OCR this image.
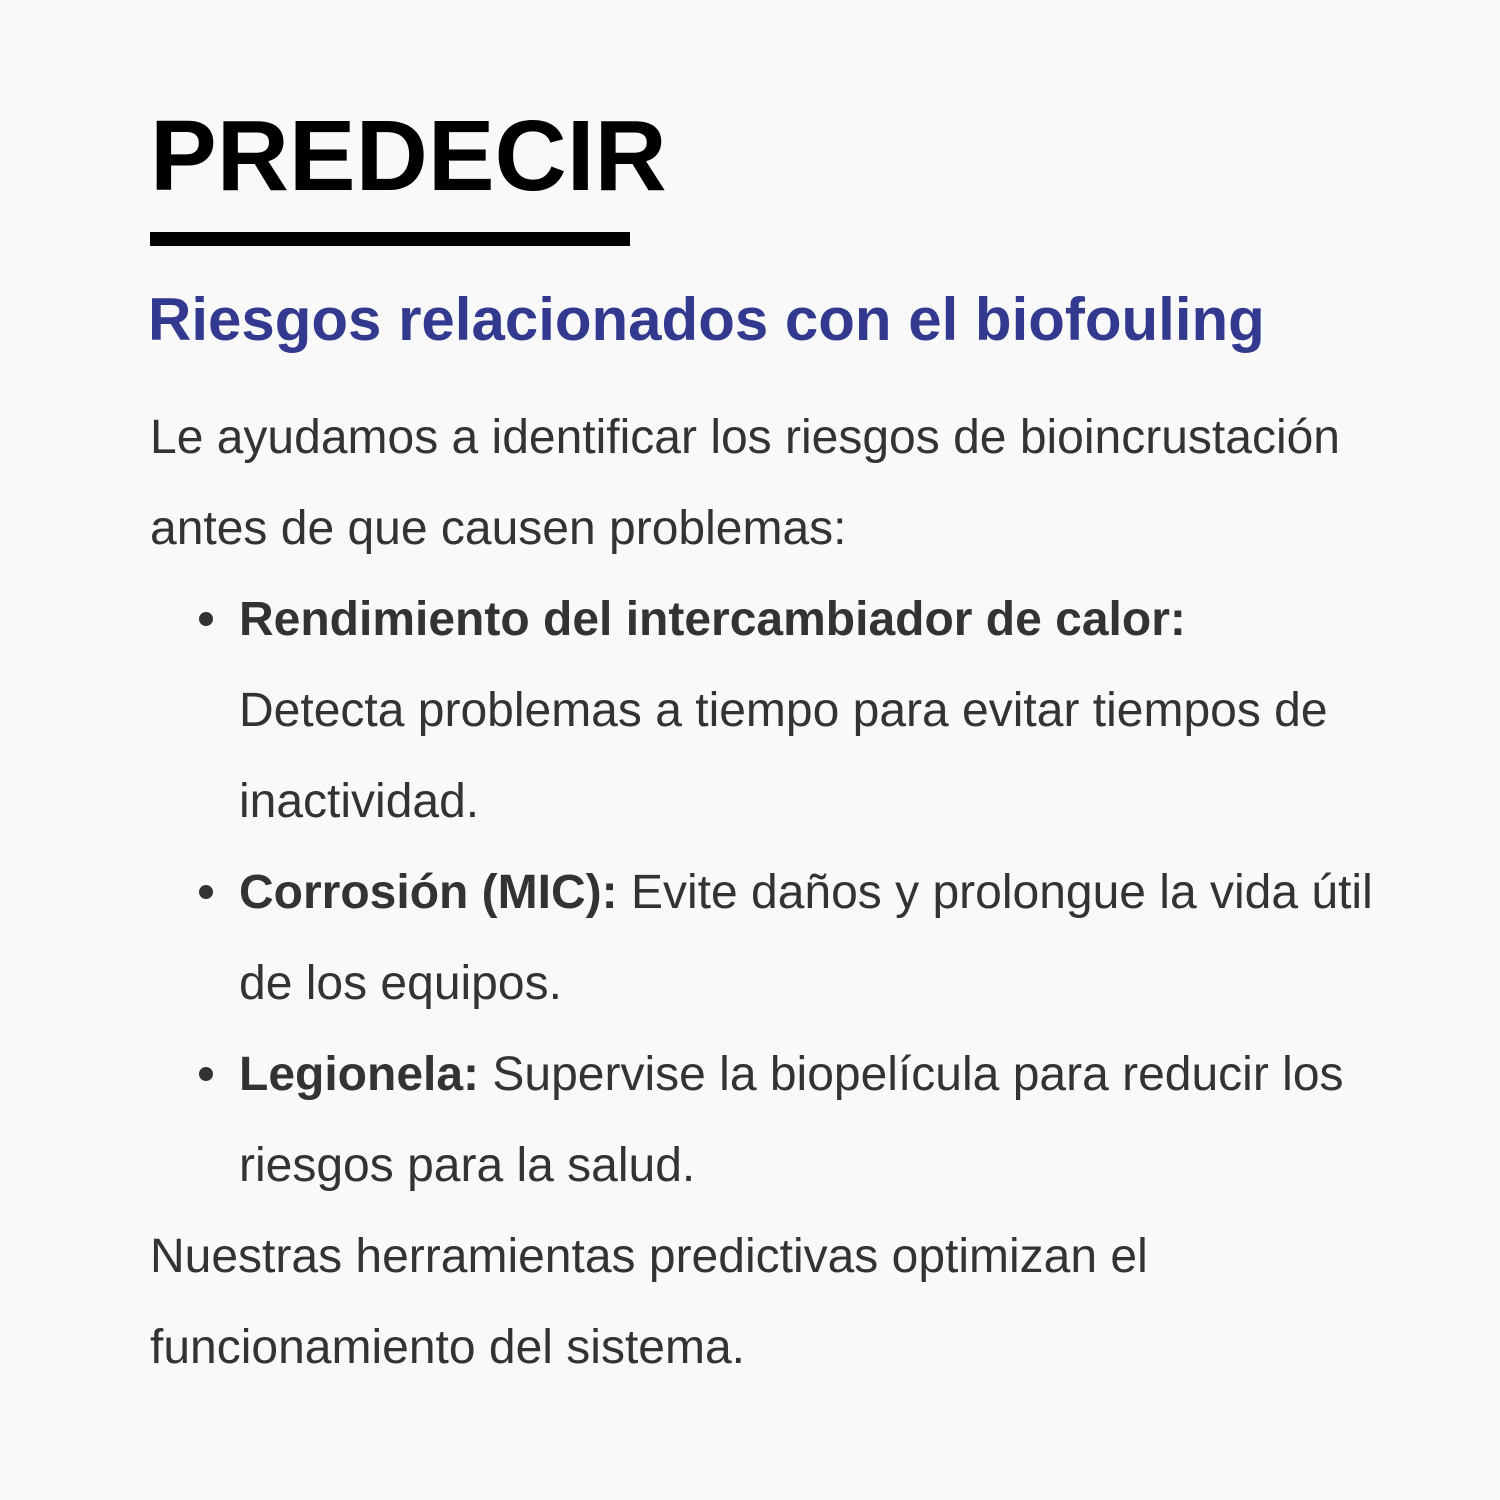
PREDECIR
Riesgos relacionados con el biofouling

Le ayudamos a identificar los riesgos de bioincrustación antes de que causen problemas:

Rendimiento del intercambiador de calor:
Detecta problemas a tiempo para evitar tiempos de inactividad.
Corrosión (MIC): Evite daños y prolongue la vida útil de los equipos.
Legionela: Supervise la biopelícula para reducir los riesgos para la salud.

Nuestras herramientas predictivas optimizan el funcionamiento del sistema.
